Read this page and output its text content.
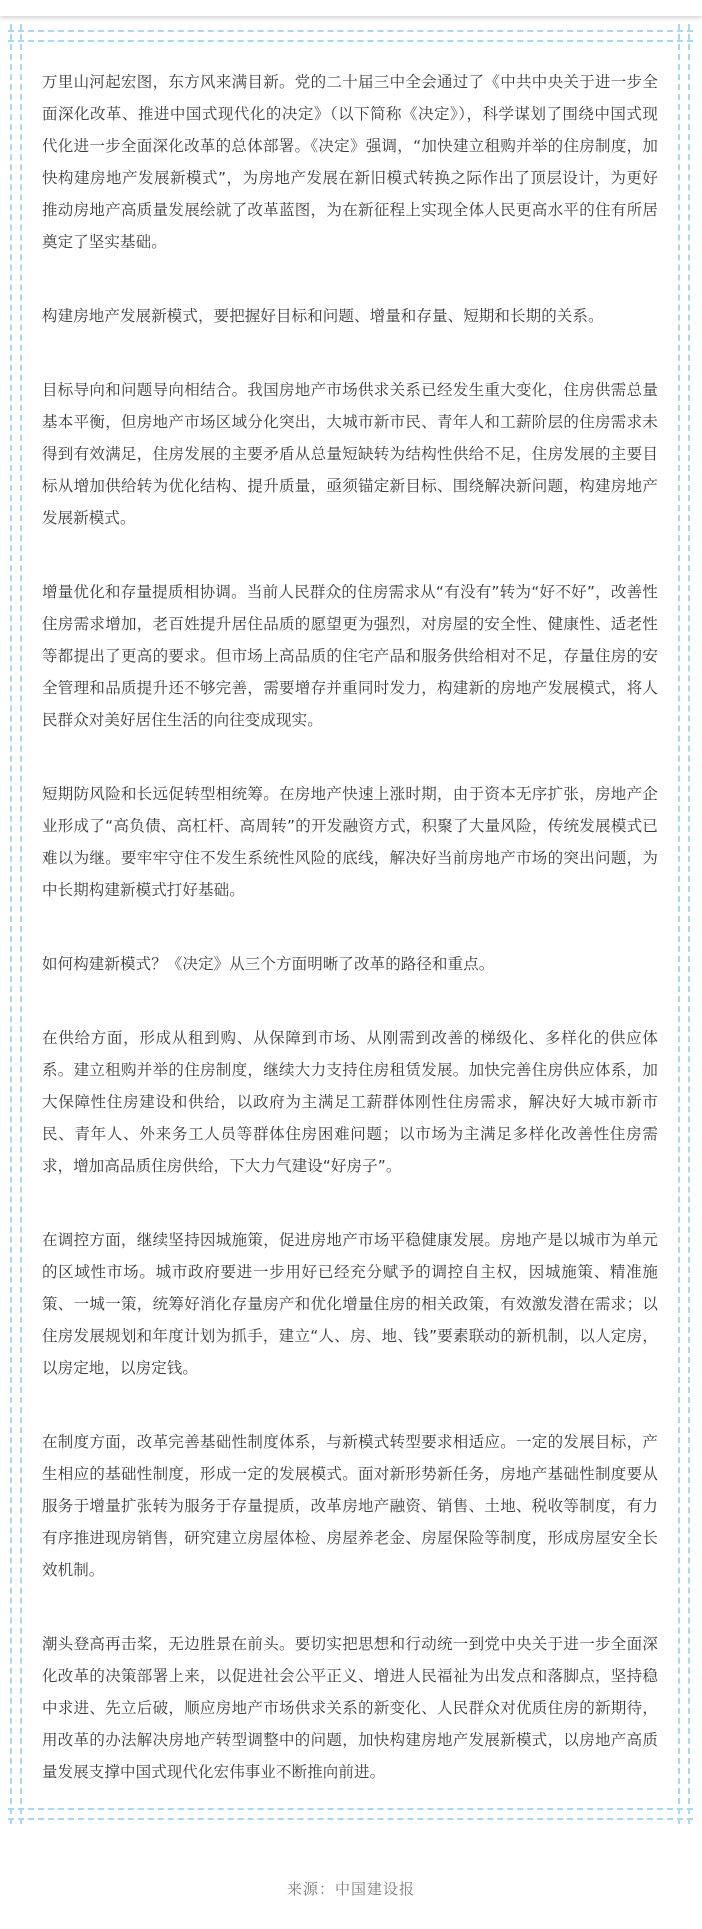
万里山河起宏图，东方风来满目新。党的二十届三中全会通过了《中共中央关于进一步全面深化改革、推进中国式现代化的决定》（以下简称《决定》），科学谋划了围绕中国式现代化进一步全面深化改革的总体部署。《决定》强调，“加快建立租购并举的住房制度，加快构建房地产发展新模式”，为房地产发展在新旧模式转换之际作出了顶层设计，为更好推动房地产高质量发展绘就了改革蓝图，为在新征程上实现全体人民更高水平的住有所居奠定了坚实基础。

构建房地产发展新模式，要把握好目标和问题、增量和存量、短期和长期的关系。

目标导向和问题导向相结合。我国房地产市场供求关系已经发生重大变化，住房供需总量基本平衡，但房地产市场区域分化突出，大城市新市民、青年人和工薪阶层的住房需求未得到有效满足，住房发展的主要矛盾从总量短缺转为结构性供给不足，住房发展的主要目标从增加供给转为优化结构、提升质量，亟须锚定新目标、围绕解决新问题，构建房地产发展新模式。

增量优化和存量提质相协调。当前人民群众的住房需求从“有没有”转为“好不好”，改善性住房需求增加，老百姓提升居住品质的愿望更为强烈，对房屋的安全性、健康性、适老性等都提出了更高的要求。但市场上高品质的住宅产品和服务供给相对不足，存量住房的安全管理和品质提升还不够完善，需要增存并重同时发力，构建新的房地产发展模式，将人民群众对美好居住生活的向往变成现实。

短期防风险和长远促转型相统筹。在房地产快速上涨时期，由于资本无序扩张，房地产企业形成了“高负债、高杠杆、高周转”的开发融资方式，积聚了大量风险，传统发展模式已难以为继。要牢牢守住不发生系统性风险的底线，解决好当前房地产市场的突出问题，为中长期构建新模式打好基础。

如何构建新模式？《决定》从三个方面明晰了改革的路径和重点。

在供给方面，形成从租到购、从保障到市场、从刚需到改善的梯级化、多样化的供应体系。建立租购并举的住房制度，继续大力支持住房租赁发展。加快完善住房供应体系，加大保障性住房建设和供给，以政府为主满足工薪群体刚性住房需求，解决好大城市新市民、青年人、外来务工人员等群体住房困难问题；以市场为主满足多样化改善性住房需求，增加高品质住房供给，下大力气建设“好房子”。

在调控方面，继续坚持因城施策，促进房地产市场平稳健康发展。房地产是以城市为单元的区域性市场。城市政府要进一步用好已经充分赋予的调控自主权，因城施策、精准施策、一城一策，统筹好消化存量房产和优化增量住房的相关政策，有效激发潜在需求；以住房发展规划和年度计划为抓手，建立“人、房、地、钱”要素联动的新机制，以人定房，以房定地，以房定钱。

在制度方面，改革完善基础性制度体系，与新模式转型要求相适应。一定的发展目标，产生相应的基础性制度，形成一定的发展模式。面对新形势新任务，房地产基础性制度要从服务于增量扩张转为服务于存量提质，改革房地产融资、销售、土地、税收等制度，有力有序推进现房销售，研究建立房屋体检、房屋养老金、房屋保险等制度，形成房屋安全长效机制。

潮头登高再击桨，无边胜景在前头。要切实把思想和行动统一到党中央关于进一步全面深化改革的决策部署上来，以促进社会公平正义、增进人民福祉为出发点和落脚点，坚持稳中求进、先立后破，顺应房地产市场供求关系的新变化、人民群众对优质住房的新期待，用改革的办法解决房地产转型调整中的问题，加快构建房地产发展新模式，以房地产高质量发展支撑中国式现代化宏伟事业不断推向前进。

来源：中国建设报
